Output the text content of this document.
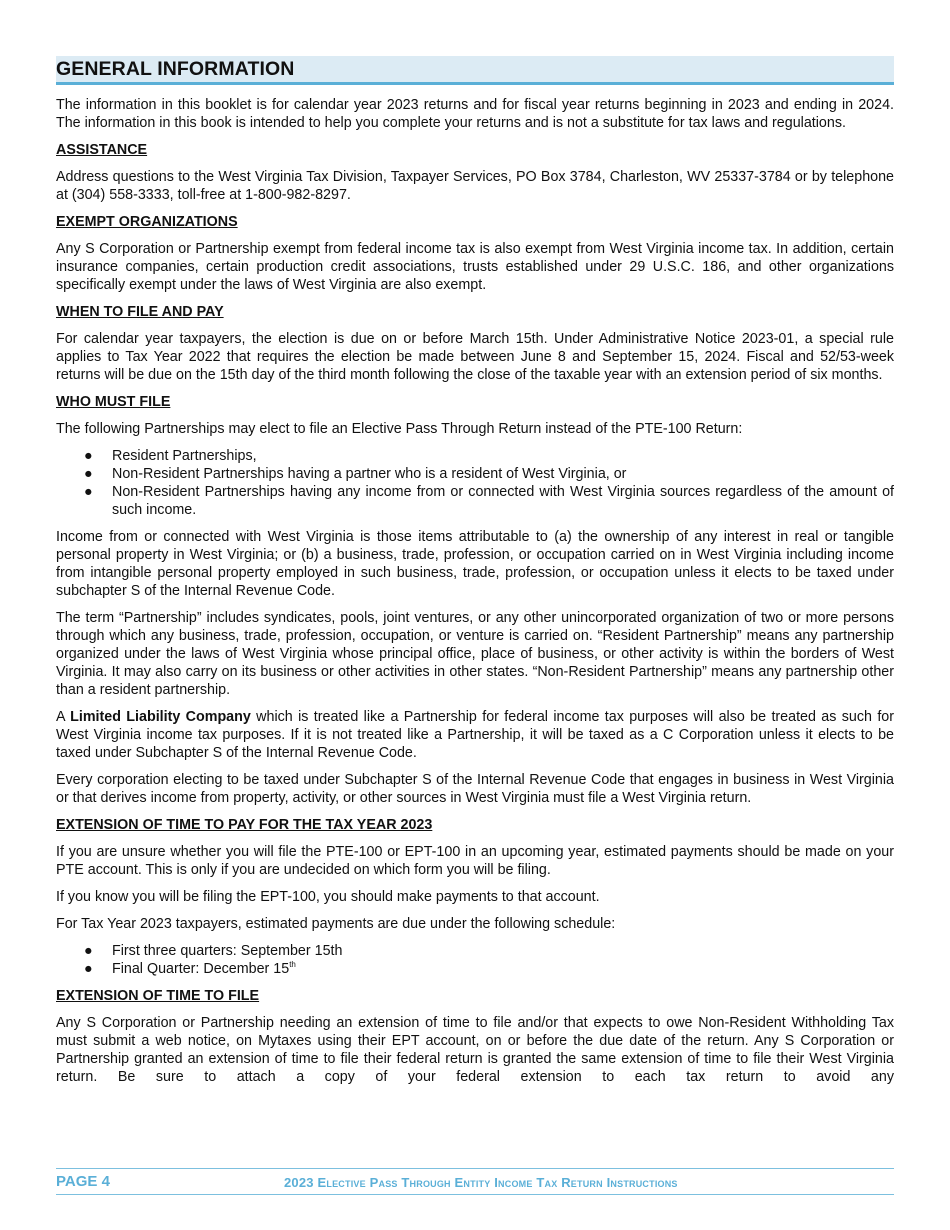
GENERAL INFORMATION

The information in this booklet is for calendar year 2023 returns and for fiscal year returns beginning in 2023 and ending in 2024. The information in this book is intended to help you complete your returns and is not a substitute for tax laws and regulations.

ASSISTANCE

Address questions to the West Virginia Tax Division, Taxpayer Services, PO Box 3784, Charleston, WV 25337-3784 or by telephone at (304) 558-3333, toll-free at 1-800-982-8297.

EXEMPT ORGANIZATIONS

Any S Corporation or Partnership exempt from federal income tax is also exempt from West Virginia income tax. In addition, certain insurance companies, certain production credit associations, trusts established under 29 U.S.C. 186, and other organizations specifically exempt under the laws of West Virginia are also exempt.

WHEN TO FILE AND PAY

For calendar year taxpayers, the election is due on or before March 15th. Under Administrative Notice 2023-01, a special rule applies to Tax Year 2022 that requires the election be made between June 8 and September 15, 2024. Fiscal and 52/53-week returns will be due on the 15th day of the third month following the close of the taxable year with an extension period of six months.

WHO MUST FILE

The following Partnerships may elect to file an Elective Pass Through Return instead of the PTE-100 Return:

● Resident Partnerships,
● Non-Resident Partnerships having a partner who is a resident of West Virginia, or
● Non-Resident Partnerships having any income from or connected with West Virginia sources regardless of the amount of such income.

Income from or connected with West Virginia is those items attributable to (a) the ownership of any interest in real or tangible personal property in West Virginia; or (b) a business, trade, profession, or occupation carried on in West Virginia including income from intangible personal property employed in such business, trade, profession, or occupation unless it elects to be taxed under subchapter S of the Internal Revenue Code.

The term “Partnership” includes syndicates, pools, joint ventures, or any other unincorporated organization of two or more persons through which any business, trade, profession, occupation, or venture is carried on. “Resident Partnership” means any partnership organized under the laws of West Virginia whose principal office, place of business, or other activity is within the borders of West Virginia. It may also carry on its business or other activities in other states. “Non-Resident Partnership” means any partnership other than a resident partnership.

A Limited Liability Company which is treated like a Partnership for federal income tax purposes will also be treated as such for West Virginia income tax purposes. If it is not treated like a Partnership, it will be taxed as a C Corporation unless it elects to be taxed under Subchapter S of the Internal Revenue Code.

Every corporation electing to be taxed under Subchapter S of the Internal Revenue Code that engages in business in West Virginia or that derives income from property, activity, or other sources in West Virginia must file a West Virginia return.

EXTENSION OF TIME TO PAY FOR THE TAX YEAR 2023

If you are unsure whether you will file the PTE-100 or EPT-100 in an upcoming year, estimated payments should be made on your PTE account. This is only if you are undecided on which form you will be filing.

If you know you will be filing the EPT-100, you should make payments to that account.

For Tax Year 2023 taxpayers, estimated payments are due under the following schedule:

● First three quarters: September 15th
● Final Quarter: December 15th
EXTENSION OF TIME TO FILE

Any S Corporation or Partnership needing an extension of time to file and/or that expects to owe Non-Resident Withholding Tax must submit a web notice, on Mytaxes using their EPT account, on or before the due date of the return. Any S Corporation or Partnership granted an extension of time to file their federal return is granted the same extension of time to file their West Virginia return. Be sure to attach a copy of your federal extension to each tax return to avoid any

PAGE 4	2023 Elective Pass Through Entity Income Tax Return Instructions
